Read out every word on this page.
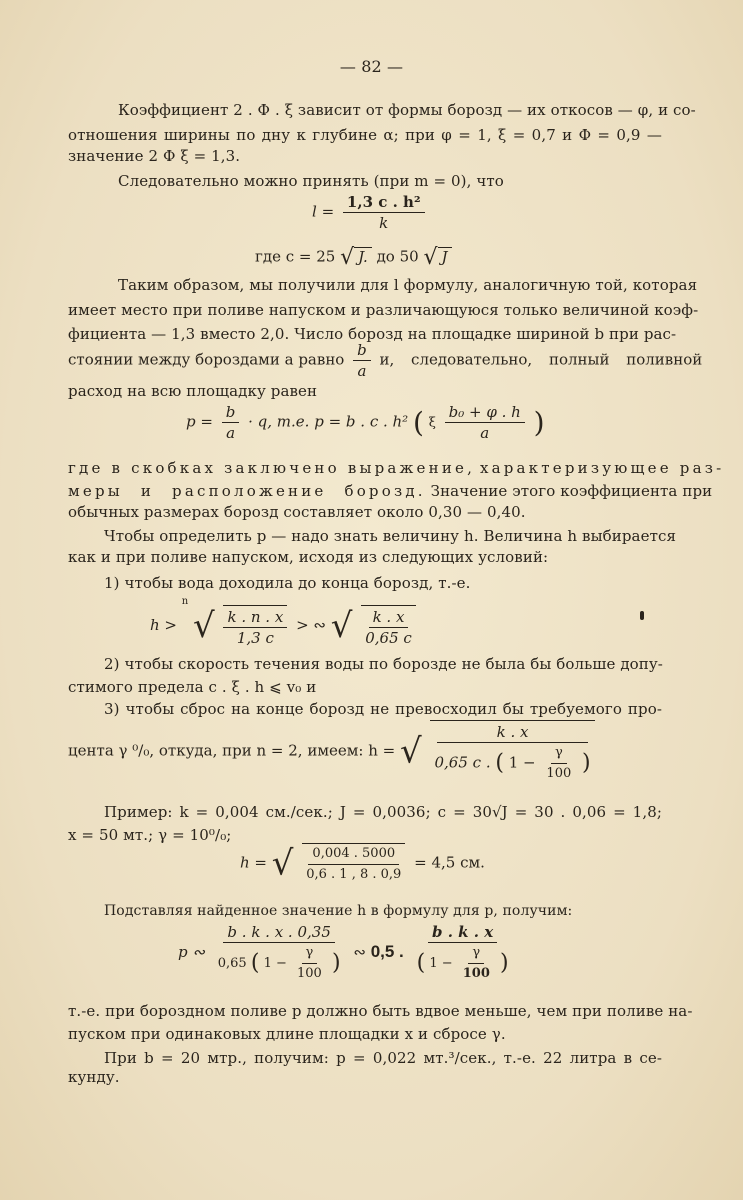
— 82 —
Коэффициент 2 . Ф . ξ зависит от формы борозд — их откосов — φ, и со-
отношения ширины по дну к глубине α; при φ = 1, ξ = 0,7 и Ф = 0,9 —
значение 2 Ф ξ = 1,3.
Следовательно можно принять (при m = 0), что
$l = \frac{\text{1,3 c . h²}}{k}$
где c = 25 √ J. до 50 √ J
Таким образом, мы получили для l формулу, аналогичную той, которая
имеет место при поливе напуском и различающуюся только величиной коэф-
фициента — 1,3 вместо 2,0. Число борозд на площадке шириной b при рас-
стоянии между бороздами a равно $\frac{b}{a} и$, следовательно, полный поливной
расход на всю площадку равен
$p = \frac{b}{a} \cdot q$, т.е. p = b . c . h² ( ξ $\frac{\text{b₀ + φ . h}}{a}$ )
где в скобках заключено выражение, характеризующее раз-
меры и расположение борозд. Значение этого коэффициента при
обычных размерах борозд составляет около 0,30 — 0,40.
Чтобы определить p — надо знать величину h. Величина h выбирается
как и при поливе напуском, исходя из следующих условий:
1) чтобы вода доходила до конца борозд, т.-е.
h > $^n$ √ $\frac{k . n . x}{1,3 c}$ > ∾ √ $\frac{k . x}{0,65 c}$
2) чтобы скорость течения воды по борозде не была бы больше допу-
стимого предела c . ξ . h ⩽ v₀ и
3) чтобы сброс на конце борозд не превосходил бы требуемого про-
цента γ ⁰/₀, откуда, при n = 2, имеем: h = √	k . x
0,65 c . ( $1 - \frac{\gamma}{100}$ )
Пример: k = 0,004 см./сек.; J = 0,0036; c = 30√J = 30 . 0,06 = 1,8;
x = 50 мт.; γ = 10⁰/₀;
h = √ $\frac{0,004 . 5000}{0,6 . 1 , 8 . 0,9} = 4,5$ см.
Подставляя найденное значение h в формулу для p, получим:
p ∾
b . k . x . 0,35
0,65 ( $1 - \frac{\gamma}{100}$ ) ∾ 0,5 .
b . k . x
( $1 - \frac{\gamma}{100}$ )
т.-е. при бороздном поливе p должно быть вдвое меньше, чем при поливе на-
пуском при одинаковых длине площадки x и сбросе γ.
При b = 20 мтр., получим: p = 0,022 мт.³/сек., т.-е. 22 литра в се-
кунду.
